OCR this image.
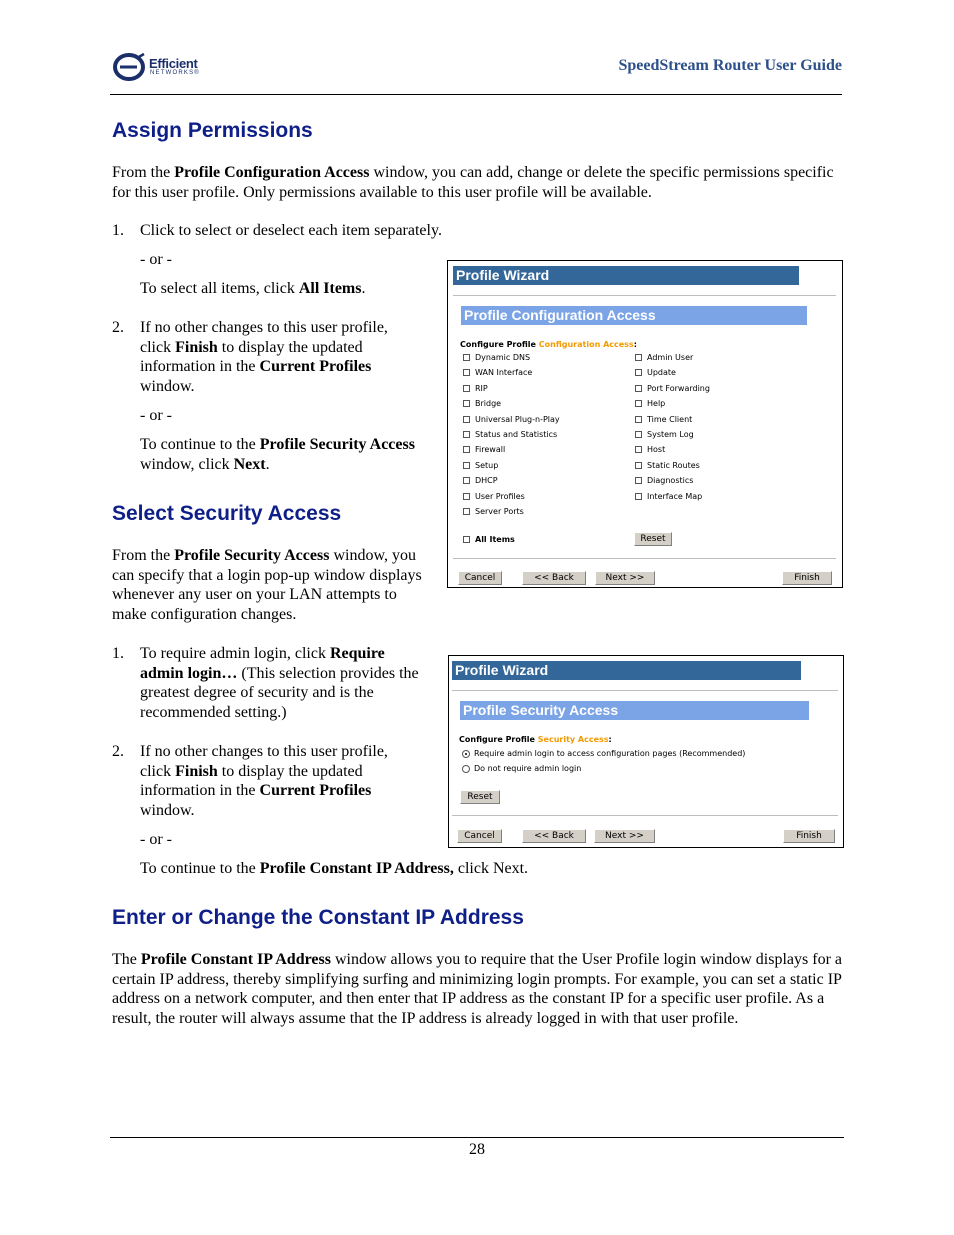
Efficient
NETWORKS®	SpeedStream Router User Guide
Assign Permissions
From the Profile Configuration Access window, you can add, change or delete the specific permissions specific for this user profile. Only permissions available to this user profile will be available.
1. Click to select or deselect each item separately.
- or -
To select all items, click All Items.
2. If no other changes to this user profile, click Finish to display the updated information in the Current Profiles window.
- or -
To continue to the Profile Security Access window, click Next.
Profile Wizard
Profile Configuration Access
Configure Profile Configuration Access:
Dynamic DNS
WAN Interface
RIP
Bridge
Universal Plug-n-Play
Status and Statistics
Firewall
Setup
DHCP
User Profiles
Server Ports
Admin User
Update
Port Forwarding
Help
Time Client
System Log
Host
Static Routes
Diagnostics
Interface Map
All Items	Reset
Cancel	<< Back	Next >>	Finish
Select Security Access
From the Profile Security Access window, you can specify that a login pop-up window displays whenever any user on your LAN attempts to make configuration changes.
1. To require admin login, click Require admin login… (This selection provides the greatest degree of security and is the recommended setting.)
2. If no other changes to this user profile, click Finish to display the updated information in the Current Profiles window.
- or -
To continue to the Profile Constant IP Address, click Next.
Profile Wizard
Profile Security Access
Configure Profile Security Access:
Require admin login to access configuration pages (Recommended)
Do not require admin login
Reset
Cancel	<< Back	Next >>	Finish
Enter or Change the Constant IP Address
The Profile Constant IP Address window allows you to require that the User Profile login window displays for a certain IP address, thereby simplifying surfing and minimizing login prompts. For example, you can set a static IP address on a network computer, and then enter that IP address as the constant IP for a specific user profile. As a result, the router will always assume that the IP address is already logged in with that user profile.
28
